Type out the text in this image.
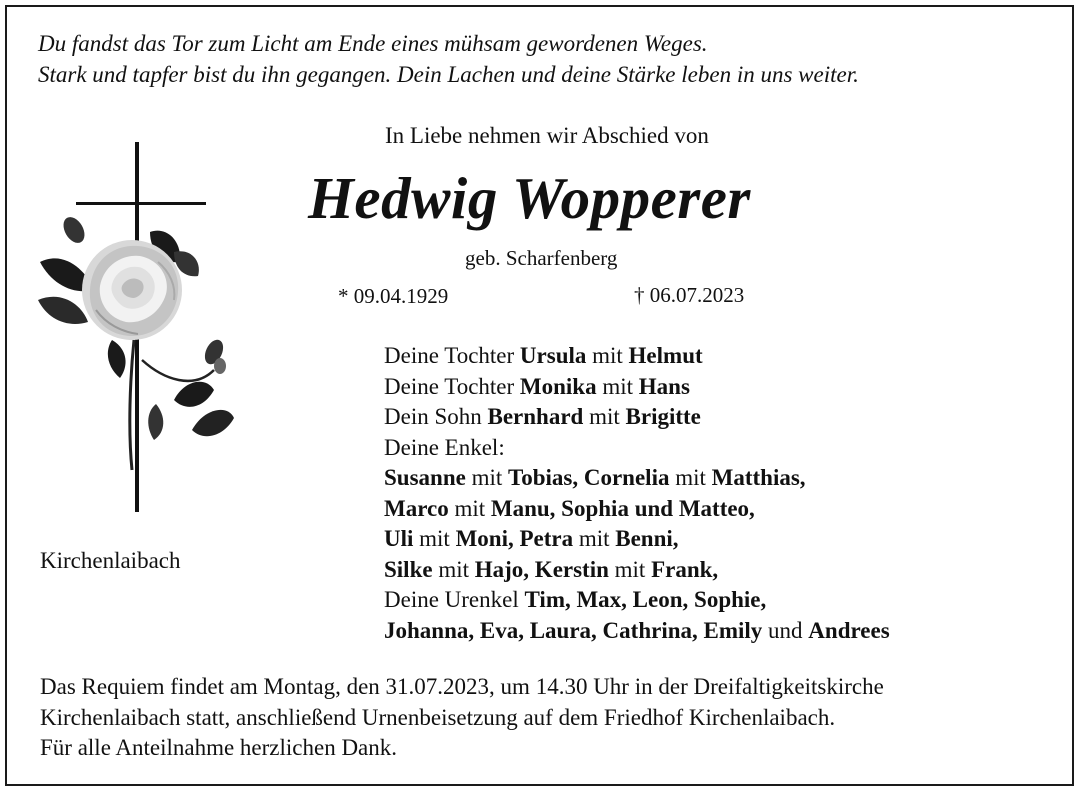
Du fandst das Tor zum Licht am Ende eines mühsam gewordenen Weges.
Stark und tapfer bist du ihn gegangen. Dein Lachen und deine Stärke leben in uns weiter.
In Liebe nehmen wir Abschied von
Hedwig Wopperer
geb. Scharfenberg
* 09.04.1929	† 06.07.2023
Deine Tochter Ursula mit Helmut
Deine Tochter Monika mit Hans
Dein Sohn Bernhard mit Brigitte
Deine Enkel:
Susanne mit Tobias, Cornelia mit Matthias,
Marco mit Manu, Sophia und Matteo,
Uli mit Moni, Petra mit Benni,
Silke mit Hajo, Kerstin mit Frank,
Deine Urenkel Tim, Max, Leon, Sophie,
Johanna, Eva, Laura, Cathrina, Emily und Andrees
Kirchenlaibach
Das Requiem findet am Montag, den 31.07.2023, um 14.30 Uhr in der Dreifaltigkeitskirche
Kirchenlaibach statt, anschließend Urnenbeisetzung auf dem Friedhof Kirchenlaibach.
Für alle Anteilnahme herzlichen Dank.
